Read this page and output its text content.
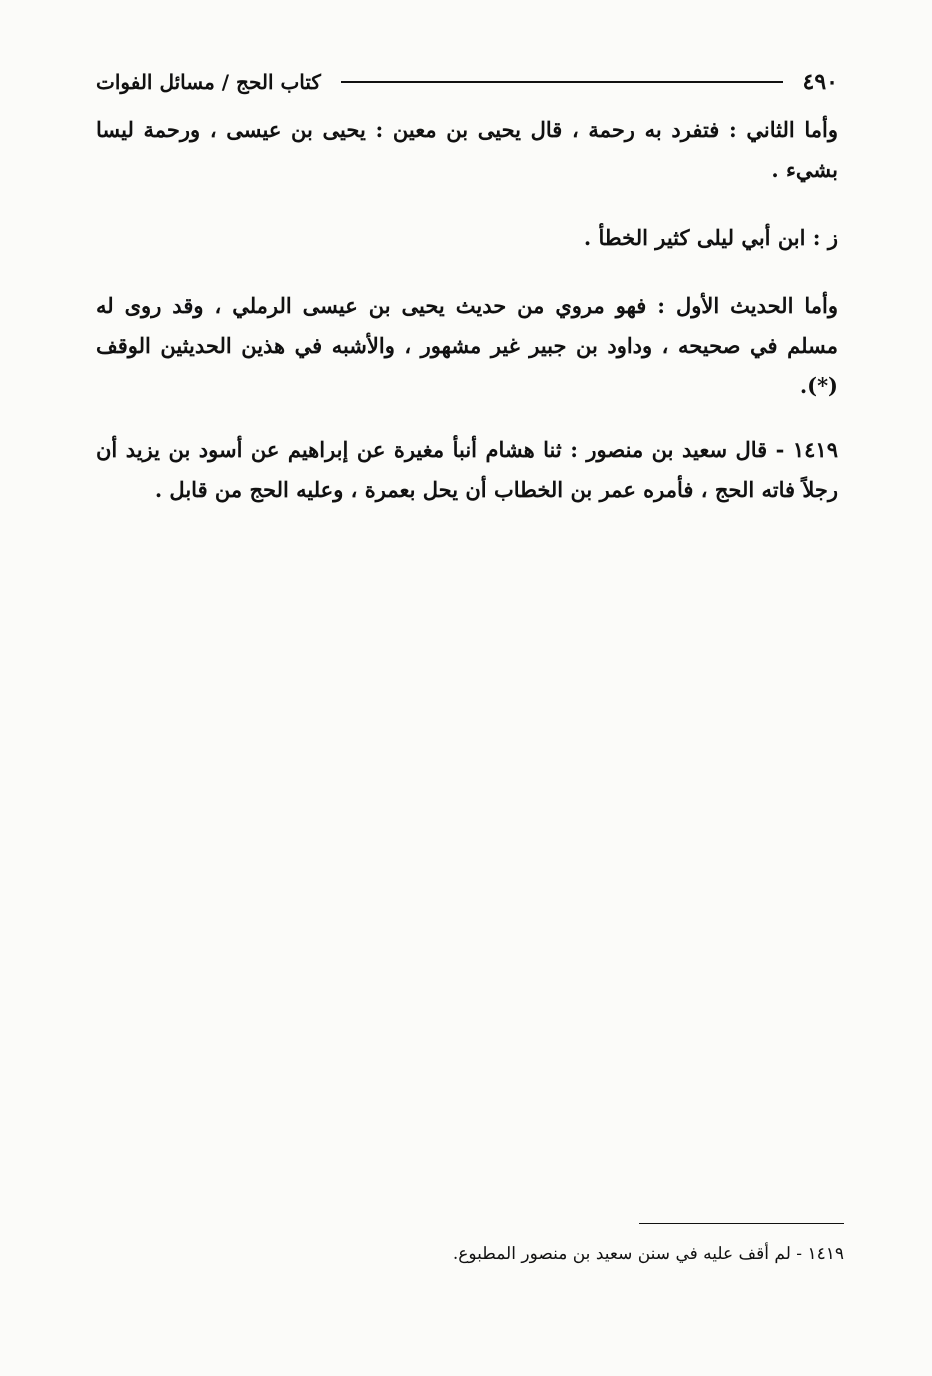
٤٩٠
كتاب الحج / مسائل الفوات

وأما الثاني : فتفرد به رحمة ، قال يحيى بن معين : يحيى بن عيسى ، ورحمة ليسا بشيء .

ز : ابن أبي ليلى كثير الخطأ .

وأما الحديث الأول : فهو مروي من حديث يحيى بن عيسى الرملي ، وقد روى له مسلم في صحيحه ، وداود بن جبير غير مشهور ، والأشبه في هذين الحديثين الوقف (*).

١٤١٩ - قال سعيد بن منصور : ثنا هشام أنبأ مغيرة عن إبراهيم عن أسود بن يزيد أن رجلاً فاته الحج ، فأمره عمر بن الخطاب أن يحل بعمرة ، وعليه الحج من قابل .

١٤١٩ - لم أقف عليه في سنن سعيد بن منصور المطبوع.
